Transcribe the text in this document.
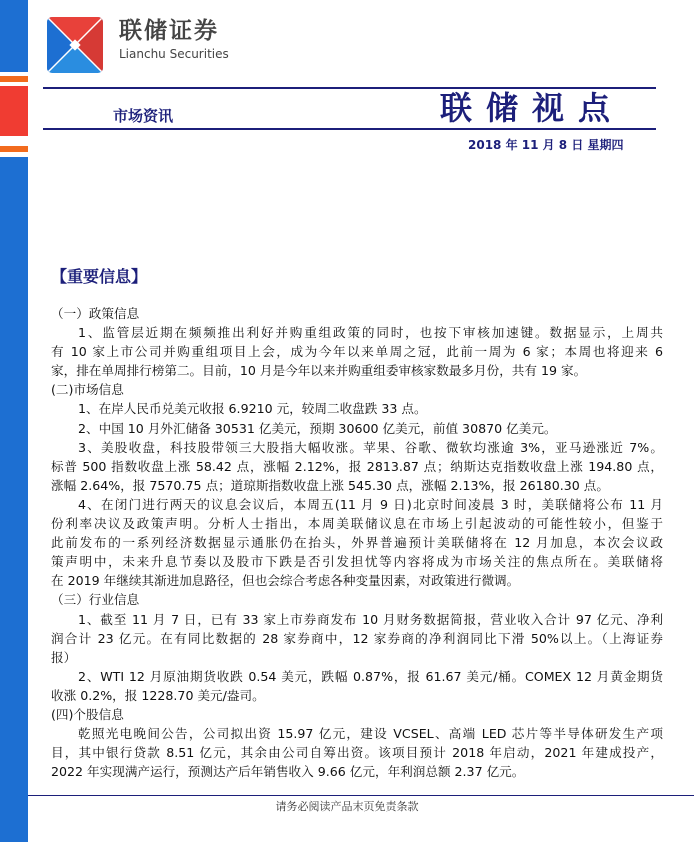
联储证券
Lianchu Securities
市场资讯	联储视点
2018 年 11 月 8 日 星期四
【重要信息】
（一）政策信息
1、监管层近期在频频推出利好并购重组政策的同时，也按下审核加速键。数据显示，上周共
有 10 家上市公司并购重组项目上会，成为今年以来单周之冠，此前一周为 6 家；本周也将迎来 6
家，排在单周排行榜第二。目前，10 月是今年以来并购重组委审核家数最多月份，共有 19 家。
(二)市场信息
1、在岸人民币兑美元收报 6.9210 元，较周二收盘跌 33 点。
2、中国 10 月外汇储备 30531 亿美元，预期 30600 亿美元，前值 30870 亿美元。
3、美股收盘，科技股带领三大股指大幅收涨。苹果、谷歌、微软均涨逾 3%，亚马逊涨近 7%。
标普 500 指数收盘上涨 58.42 点，涨幅 2.12%，报 2813.87 点；纳斯达克指数收盘上涨 194.80 点，
涨幅 2.64%，报 7570.75 点；道琼斯指数收盘上涨 545.30 点，涨幅 2.13%，报 26180.30 点。
4、在闭门进行两天的议息会议后，本周五(11 月 9 日)北京时间凌晨 3 时，美联储将公布 11 月
份利率决议及政策声明。分析人士指出，本周美联储议息在市场上引起波动的可能性较小，但鉴于
此前发布的一系列经济数据显示通胀仍在抬头，外界普遍预计美联储将在 12 月加息，本次会议政
策声明中，未来升息节奏以及股市下跌是否引发担忧等内容将成为市场关注的焦点所在。美联储将
在 2019 年继续其渐进加息路径，但也会综合考虑各种变量因素，对政策进行微调。
（三）行业信息
1、截至 11 月 7 日，已有 33 家上市券商发布 10 月财务数据简报，营业收入合计 97 亿元、净利
润合计 23 亿元。在有同比数据的 28 家券商中，12 家券商的净利润同比下滑 50%以上。（上海证券
报）
2、WTI 12 月原油期货收跌 0.54 美元，跌幅 0.87%，报 61.67 美元/桶。COMEX 12 月黄金期货
收涨 0.2%，报 1228.70 美元/盎司。
(四)个股信息
乾照光电晚间公告，公司拟出资 15.97 亿元，建设 VCSEL、高端 LED 芯片等半导体研发生产项
目，其中银行贷款 8.51 亿元，其余由公司自筹出资。该项目预计 2018 年启动，2021 年建成投产，
2022 年实现满产运行，预测达产后年销售收入 9.66 亿元，年利润总额 2.37 亿元。
请务必阅读产品末页免责条款
